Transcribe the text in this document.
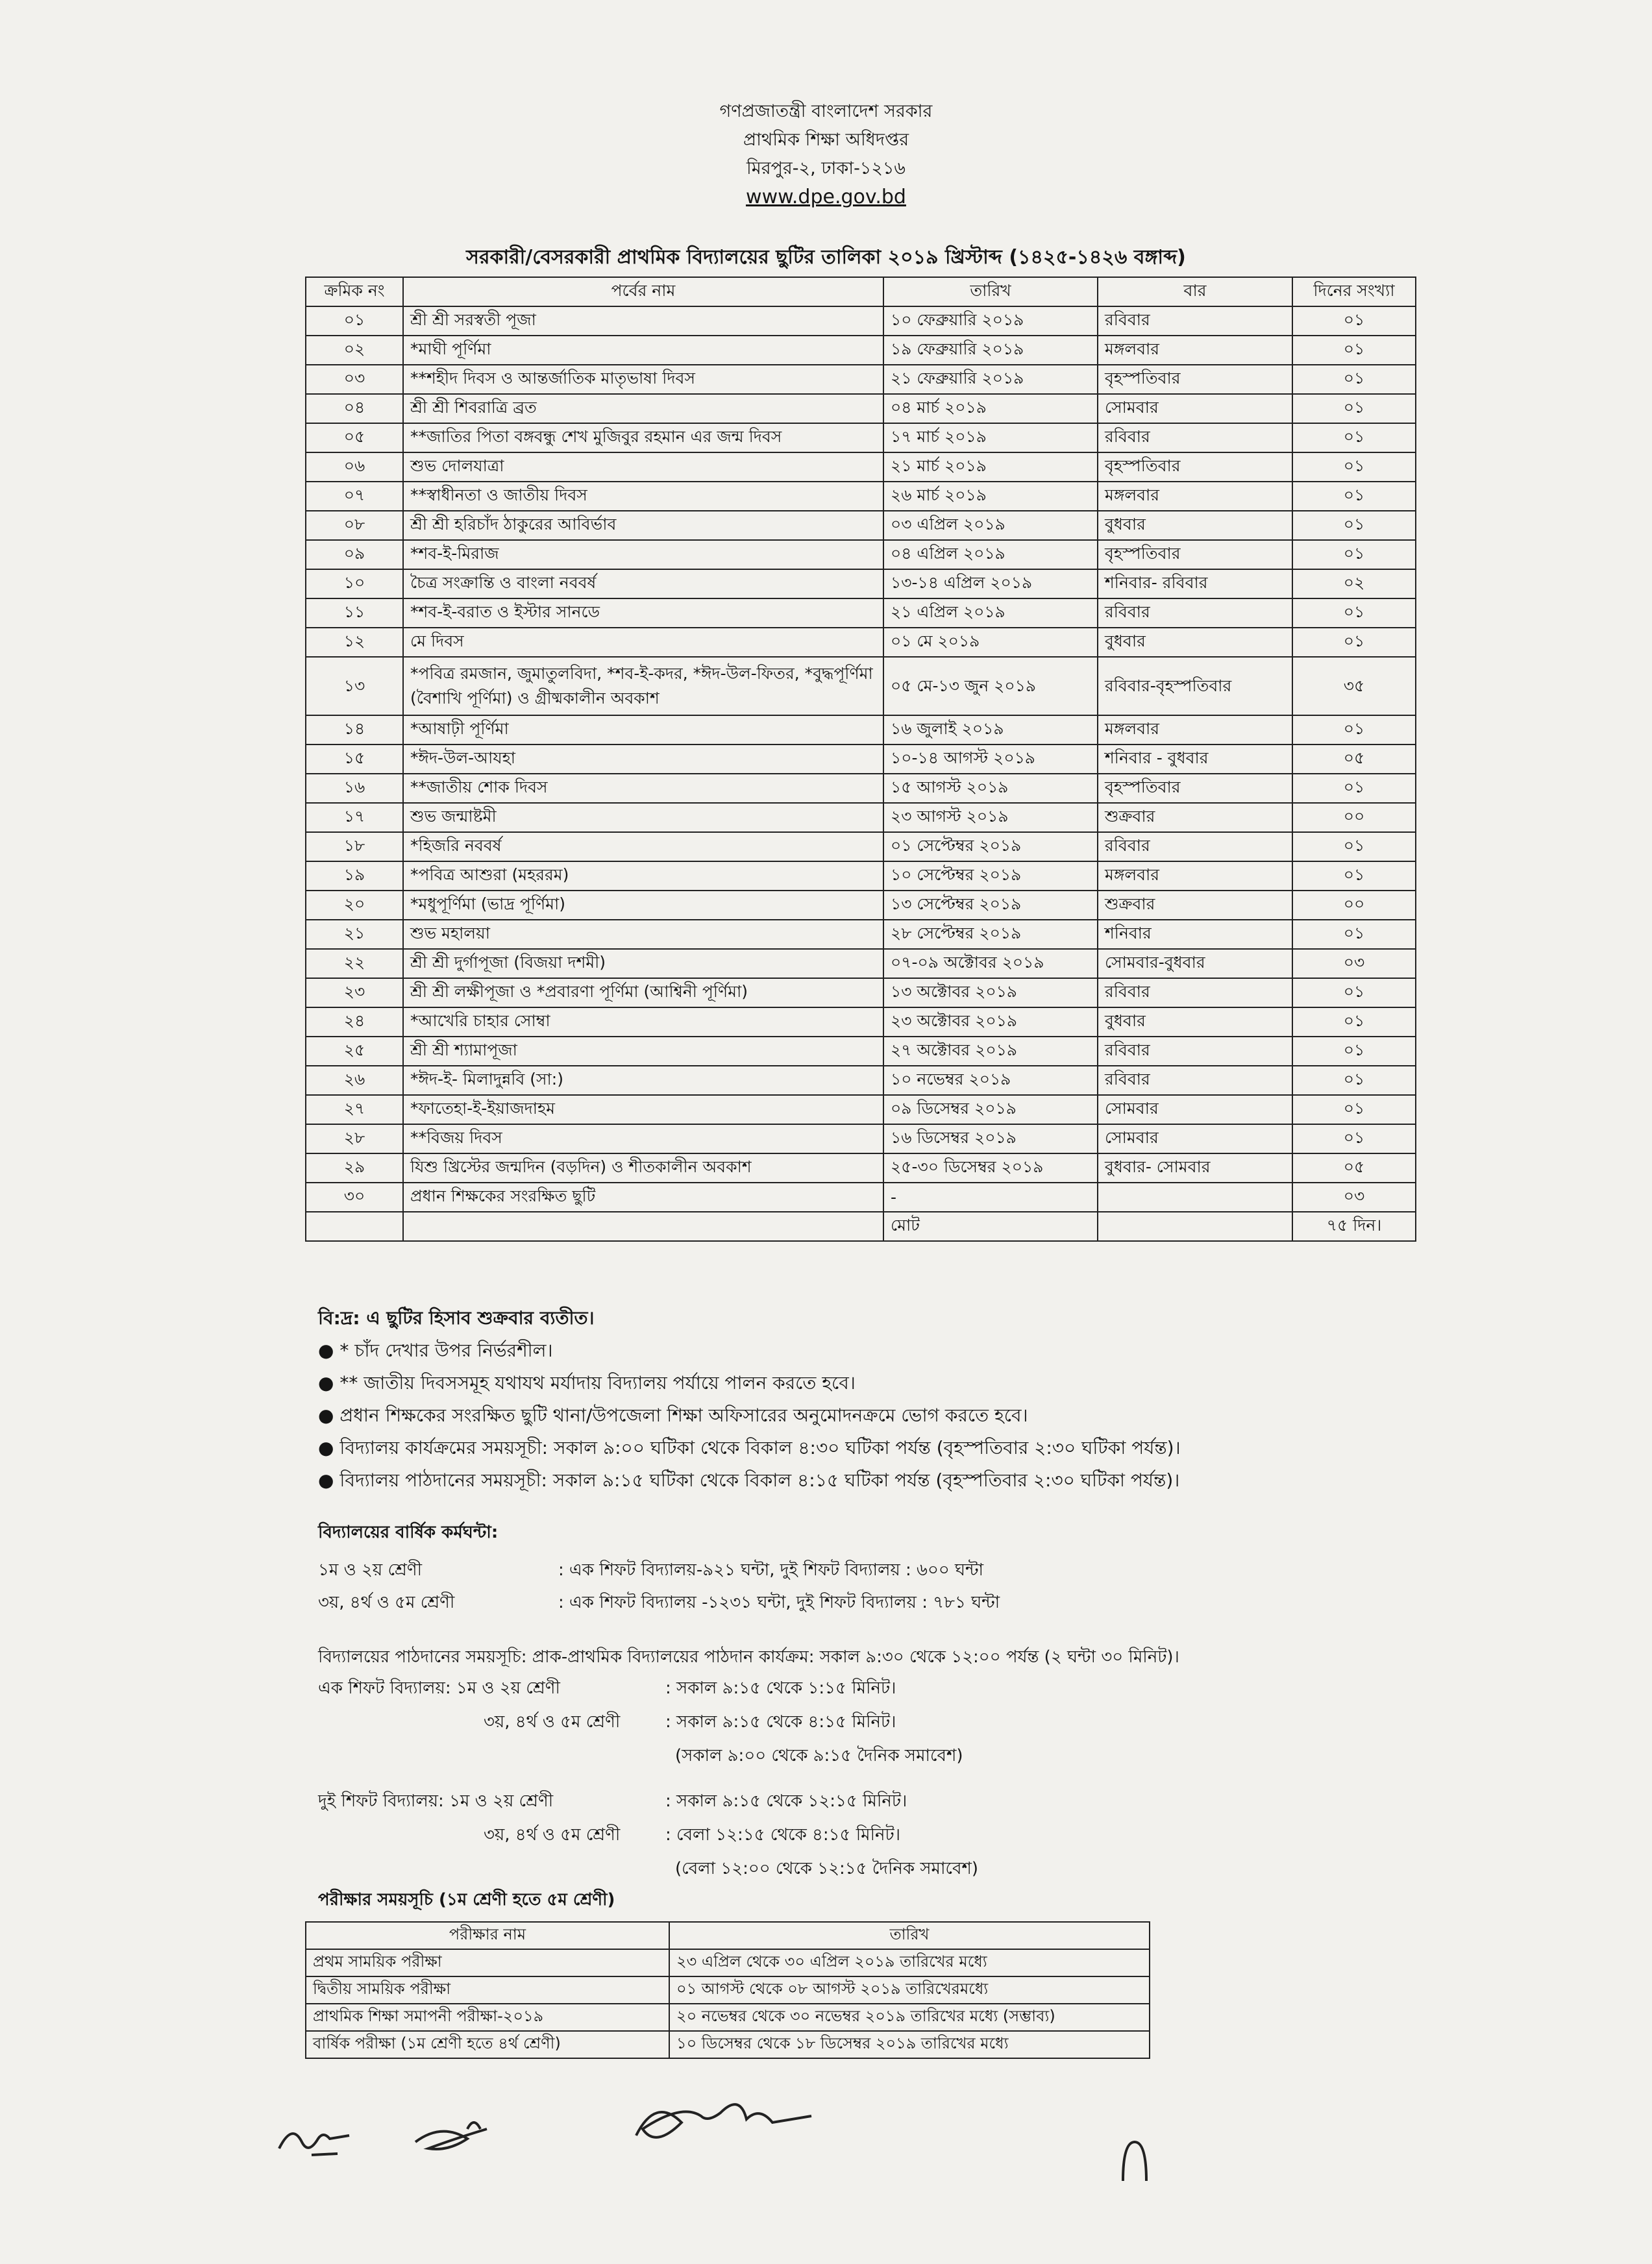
গণপ্রজাতন্ত্রী বাংলাদেশ সরকার
প্রাথমিক শিক্ষা অধিদপ্তর
মিরপুর-২, ঢাকা-১২১৬
www.dpe.gov.bd
সরকারী/বেসরকারী প্রাথমিক বিদ্যালয়ের ছুটির তালিকা ২০১৯ খ্রিস্টাব্দ (১৪২৫-১৪২৬ বঙ্গাব্দ)
ক্রমিক নং	পর্বের নাম	তারিখ	বার	দিনের সংখ্যা
০১	শ্রী শ্রী সরস্বতী পূজা	১০ ফেব্রুয়ারি ২০১৯	রবিবার	০১
০২	*মাঘী পূর্ণিমা	১৯ ফেব্রুয়ারি ২০১৯	মঙ্গলবার	০১
০৩	**শহীদ দিবস ও আন্তর্জাতিক মাতৃভাষা দিবস	২১ ফেব্রুয়ারি ২০১৯	বৃহস্পতিবার	০১
০৪	শ্রী শ্রী শিবরাত্রি ব্রত	০৪ মার্চ ২০১৯	সোমবার	০১
০৫	**জাতির পিতা বঙ্গবন্ধু শেখ মুজিবুর রহমান এর জন্ম দিবস	১৭ মার্চ ২০১৯	রবিবার	০১
০৬	শুভ দোলযাত্রা	২১ মার্চ ২০১৯	বৃহস্পতিবার	০১
০৭	**স্বাধীনতা ও জাতীয় দিবস	২৬ মার্চ ২০১৯	মঙ্গলবার	০১
০৮	শ্রী শ্রী হরিচাঁদ ঠাকুরের আবির্ভাব	০৩ এপ্রিল ২০১৯	বুধবার	০১
০৯	*শব-ই-মিরাজ	০৪ এপ্রিল ২০১৯	বৃহস্পতিবার	০১
১০	চৈত্র সংক্রান্তি ও বাংলা নববর্ষ	১৩-১৪ এপ্রিল ২০১৯	শনিবার- রবিবার	০২
১১	*শব-ই-বরাত ও ইস্টার সানডে	২১ এপ্রিল ২০১৯	রবিবার	০১
১২	মে দিবস	০১ মে ২০১৯	বুধবার	০১
১৩	*পবিত্র রমজান, জুমাতুলবিদা, *শব-ই-কদর, *ঈদ-উল-ফিতর, *বুদ্ধপূর্ণিমা (বৈশাখি পূর্ণিমা) ও গ্রীষ্মকালীন অবকাশ	০৫ মে-১৩ জুন ২০১৯	রবিবার-বৃহস্পতিবার	৩৫
১৪	*আষাঢ়ী পূর্ণিমা	১৬ জুলাই ২০১৯	মঙ্গলবার	০১
১৫	*ঈদ-উল-আযহা	১০-১৪ আগস্ট ২০১৯	শনিবার - বুধবার	০৫
১৬	**জাতীয় শোক দিবস	১৫ আগস্ট ২০১৯	বৃহস্পতিবার	০১
১৭	শুভ জন্মাষ্টমী	২৩ আগস্ট ২০১৯	শুক্রবার	০০
১৮	*হিজরি নববর্ষ	০১ সেপ্টেম্বর ২০১৯	রবিবার	০১
১৯	*পবিত্র আশুরা (মহররম)	১০ সেপ্টেম্বর ২০১৯	মঙ্গলবার	০১
২০	*মধুপূর্ণিমা (ভাদ্র পূর্ণিমা)	১৩ সেপ্টেম্বর ২০১৯	শুক্রবার	০০
২১	শুভ মহালয়া	২৮ সেপ্টেম্বর ২০১৯	শনিবার	০১
২২	শ্রী শ্রী দুর্গাপূজা (বিজয়া দশমী)	০৭-০৯ অক্টোবর ২০১৯	সোমবার-বুধবার	০৩
২৩	শ্রী শ্রী লক্ষীপূজা ও *প্রবারণা পূর্ণিমা (আশ্বিনী পূর্ণিমা)	১৩ অক্টোবর ২০১৯	রবিবার	০১
২৪	*আখেরি চাহার সোম্বা	২৩ অক্টোবর ২০১৯	বুধবার	০১
২৫	শ্রী শ্রী শ্যামাপূজা	২৭ অক্টোবর ২০১৯	রবিবার	০১
২৬	*ঈদ-ই- মিলাদুন্নবি (সা:)	১০ নভেম্বর ২০১৯	রবিবার	০১
২৭	*ফাতেহা-ই-ইয়াজদাহম	০৯ ডিসেম্বর ২০১৯	সোমবার	০১
২৮	**বিজয় দিবস	১৬ ডিসেম্বর ২০১৯	সোমবার	০১
২৯	যিশু খ্রিস্টের জন্মদিন (বড়দিন) ও শীতকালীন অবকাশ	২৫-৩০ ডিসেম্বর ২০১৯	বুধবার- সোমবার	০৫
৩০	প্রধান শিক্ষকের সংরক্ষিত ছুটি	-		০৩
		মোট		৭৫ দিন।
বি:দ্র: এ ছুটির হিসাব শুক্রবার ব্যতীত।
● * চাঁদ দেখার উপর নির্ভরশীল।
● ** জাতীয় দিবসসমূহ যথাযথ মর্যাদায় বিদ্যালয় পর্যায়ে পালন করতে হবে।
● প্রধান শিক্ষকের সংরক্ষিত ছুটি থানা/উপজেলা শিক্ষা অফিসারের অনুমোদনক্রমে ভোগ করতে হবে।
● বিদ্যালয় কার্যক্রমের সময়সূচী: সকাল ৯:০০ ঘটিকা থেকে বিকাল ৪:৩০ ঘটিকা পর্যন্ত (বৃহস্পতিবার ২:৩০ ঘটিকা পর্যন্ত)।
● বিদ্যালয় পাঠদানের সময়সূচী: সকাল ৯:১৫ ঘটিকা থেকে বিকাল ৪:১৫ ঘটিকা পর্যন্ত (বৃহস্পতিবার ২:৩০ ঘটিকা পর্যন্ত)।
বিদ্যালয়ের বার্ষিক কর্মঘন্টা:
১ম ও ২য় শ্রেণী	: এক শিফট বিদ্যালয়-৯২১ ঘন্টা, দুই শিফট বিদ্যালয় : ৬০০ ঘন্টা
৩য়, ৪র্থ ও ৫ম শ্রেণী	: এক শিফট বিদ্যালয় -১২৩১ ঘন্টা, দুই শিফট বিদ্যালয় : ৭৮১ ঘন্টা
বিদ্যালয়ের পাঠদানের সময়সূচি: প্রাক-প্রাথমিক বিদ্যালয়ের পাঠদান কার্যক্রম: সকাল ৯:৩০ থেকে ১২:০০ পর্যন্ত (২ ঘন্টা ৩০ মিনিট)।
এক শিফট বিদ্যালয়: ১ম ও ২য় শ্রেণী	: সকাল ৯:১৫ থেকে ১:১৫ মিনিট।
৩য়, ৪র্থ ও ৫ম শ্রেণী	: সকাল ৯:১৫ থেকে ৪:১৫ মিনিট।
(সকাল ৯:০০ থেকে ৯:১৫ দৈনিক সমাবেশ)
দুই শিফট বিদ্যালয়: ১ম ও ২য় শ্রেণী	: সকাল ৯:১৫ থেকে ১২:১৫ মিনিট।
৩য়, ৪র্থ ও ৫ম শ্রেণী	: বেলা ১২:১৫ থেকে ৪:১৫ মিনিট।
(বেলা ১২:০০ থেকে ১২:১৫ দৈনিক সমাবেশ)
পরীক্ষার সময়সূচি (১ম শ্রেণী হতে ৫ম শ্রেণী)
পরীক্ষার নাম	তারিখ
প্রথম সাময়িক পরীক্ষা	২৩ এপ্রিল থেকে ৩০ এপ্রিল ২০১৯ তারিখের মধ্যে
দ্বিতীয় সাময়িক পরীক্ষা	০১ আগস্ট থেকে ০৮ আগস্ট ২০১৯ তারিখেরমধ্যে
প্রাথমিক শিক্ষা সমাপনী পরীক্ষা-২০১৯	২০ নভেম্বর থেকে ৩০ নভেম্বর ২০১৯ তারিখের মধ্যে (সম্ভাব্য)
বার্ষিক পরীক্ষা (১ম শ্রেণী হতে ৪র্থ শ্রেণী)	১০ ডিসেম্বর থেকে ১৮ ডিসেম্বর ২০১৯ তারিখের মধ্যে
